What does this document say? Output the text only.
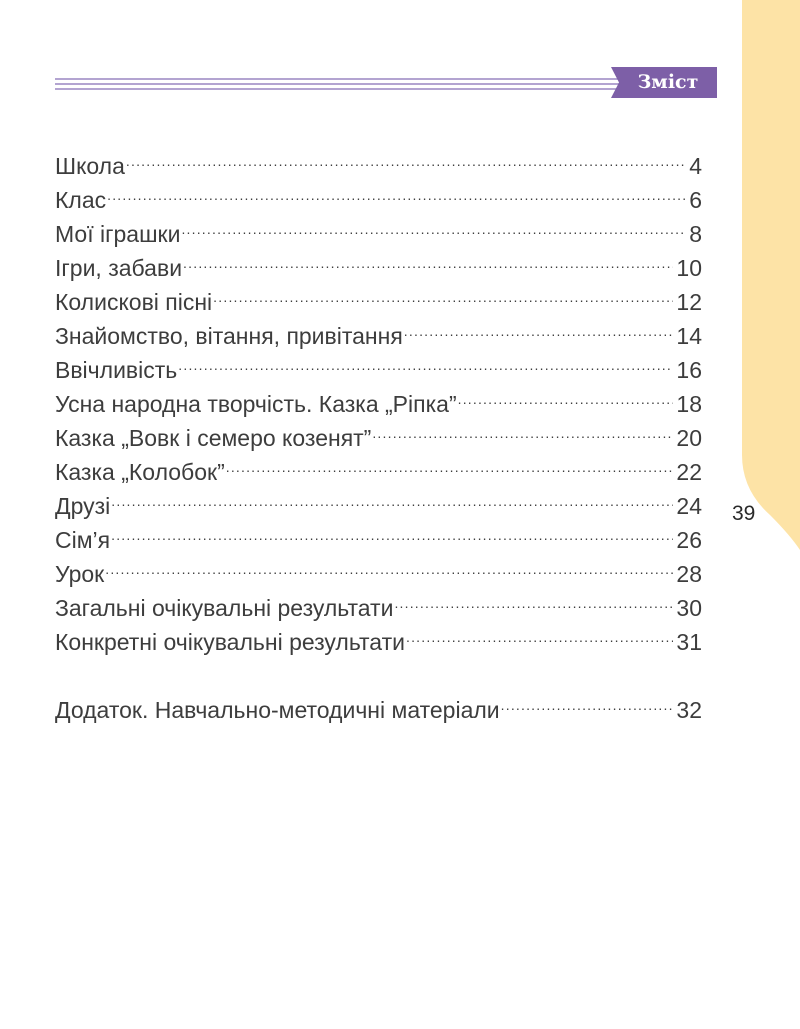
39
Зміст
Школа .....	4
Клас .....	6
Мої іграшки .....	8
Ігри, забави .....	10
Колискові пісні .....	12
Знайомство, вітання, привітання .....	14
Ввічливість .....	16
Усна народна творчість. Казка „Ріпка” .....	18
Казка „Вовк і семеро козенят” .....	20
Казка „Колобок” .....	22
Друзі .....	24
Сім’я .....	26
Урок .....	28
Загальні очікувальні результати .....	30
Конкретні очікувальні результати .....	31
Додаток. Навчально-методичні матеріали .....	32
